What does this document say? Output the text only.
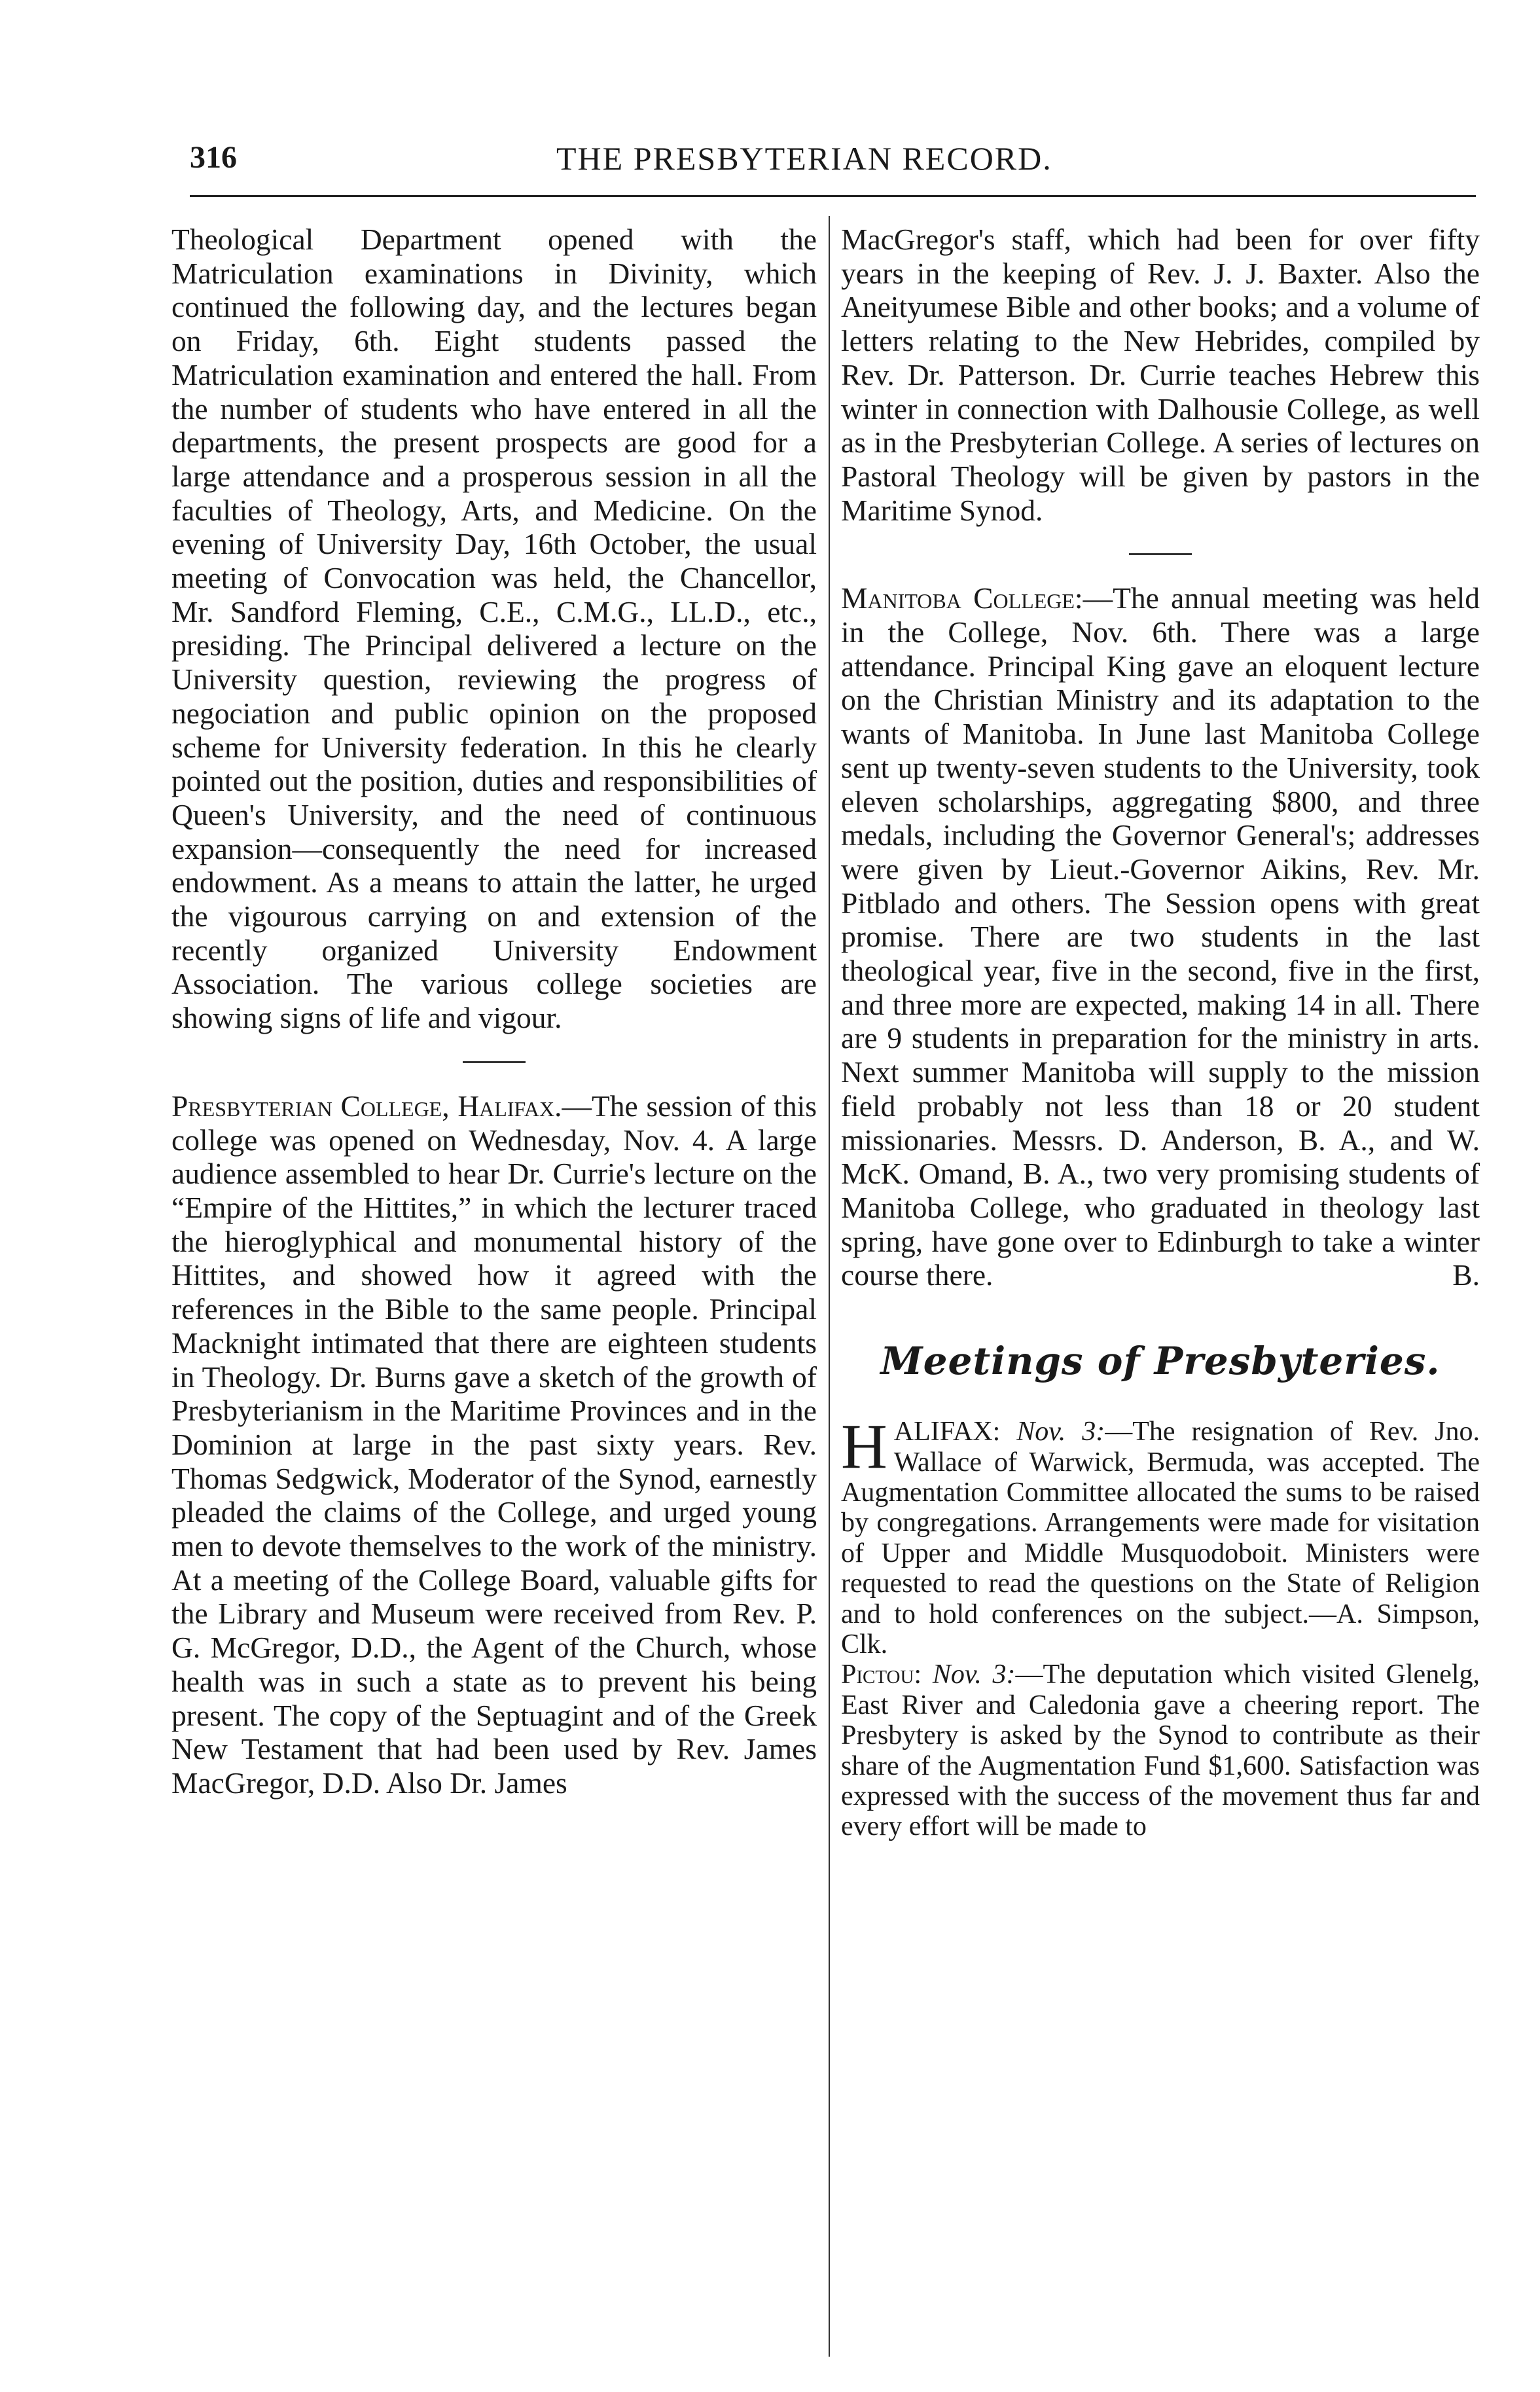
316	THE PRESBYTERIAN RECORD.

Theological Department opened with the Matriculation examinations in Divinity, which continued the following day, and the lectures began on Friday, 6th. Eight students passed the Matriculation examination and entered the hall. From the number of students who have entered in all the departments, the present prospects are good for a large attendance and a prosperous session in all the faculties of Theology, Arts, and Medicine. On the evening of University Day, 16th October, the usual meeting of Convocation was held, the Chancellor, Mr. Sandford Fleming, C.E., C.M.G., LL.D., etc., presiding. The Principal delivered a lecture on the University question, reviewing the progress of negociation and public opinion on the proposed scheme for University federation. In this he clearly pointed out the position, duties and responsibilities of Queen's University, and the need of continuous expansion—consequently the need for increased endowment. As a means to attain the latter, he urged the vigourous carrying on and extension of the recently organized University Endowment Association. The various college societies are showing signs of life and vigour.

Presbyterian College, Halifax.—The session of this college was opened on Wednesday, Nov. 4. A large audience assembled to hear Dr. Currie's lecture on the “Empire of the Hittites,” in which the lecturer traced the hieroglyphical and monumental history of the Hittites, and showed how it agreed with the references in the Bible to the same people. Principal Macknight intimated that there are eighteen students in Theology. Dr. Burns gave a sketch of the growth of Presbyterianism in the Maritime Provinces and in the Dominion at large in the past sixty years. Rev. Thomas Sedgwick, Moderator of the Synod, earnestly pleaded the claims of the College, and urged young men to devote themselves to the work of the ministry. At a meeting of the College Board, valuable gifts for the Library and Museum were received from Rev. P. G. McGregor, D.D., the Agent of the Church, whose health was in such a state as to prevent his being present. The copy of the Septuagint and of the Greek New Testament that had been used by Rev. James MacGregor, D.D. Also Dr. James

MacGregor's staff, which had been for over fifty years in the keeping of Rev. J. J. Baxter. Also the Aneityumese Bible and other books; and a volume of letters relating to the New Hebrides, compiled by Rev. Dr. Patterson. Dr. Currie teaches Hebrew this winter in connection with Dalhousie College, as well as in the Presbyterian College. A series of lectures on Pastoral Theology will be given by pastors in the Maritime Synod.

Manitoba College:—The annual meeting was held in the College, Nov. 6th. There was a large attendance. Principal King gave an eloquent lecture on the Christian Ministry and its adaptation to the wants of Manitoba. In June last Manitoba College sent up twenty-seven students to the University, took eleven scholarships, aggregating $800, and three medals, including the Governor General's; addresses were given by Lieut.-Governor Aikins, Rev. Mr. Pitblado and others. The Session opens with great promise. There are two students in the last theological year, five in the second, five in the first, and three more are expected, making 14 in all. There are 9 students in preparation for the ministry in arts. Next summer Manitoba will supply to the mission field probably not less than 18 or 20 student missionaries. Messrs. D. Anderson, B. A., and W. McK. Omand, B. A., two very promising students of Manitoba College, who graduated in theology last spring, have gone over to Edinburgh to take a winter course there.	B.

Meetings of Presbyteries.

HALIFAX: Nov. 3:—The resignation of Rev. Jno. Wallace of Warwick, Bermuda, was accepted. The Augmentation Committee allocated the sums to be raised by congregations. Arrangements were made for visitation of Upper and Middle Musquodoboit. Ministers were requested to read the questions on the State of Religion and to hold conferences on the subject.—A. Simpson, Clk.

Pictou: Nov. 3:—The deputation which visited Glenelg, East River and Caledonia gave a cheering report. The Presbytery is asked by the Synod to contribute as their share of the Augmentation Fund $1,600. Satisfaction was expressed with the success of the movement thus far and every effort will be made to
